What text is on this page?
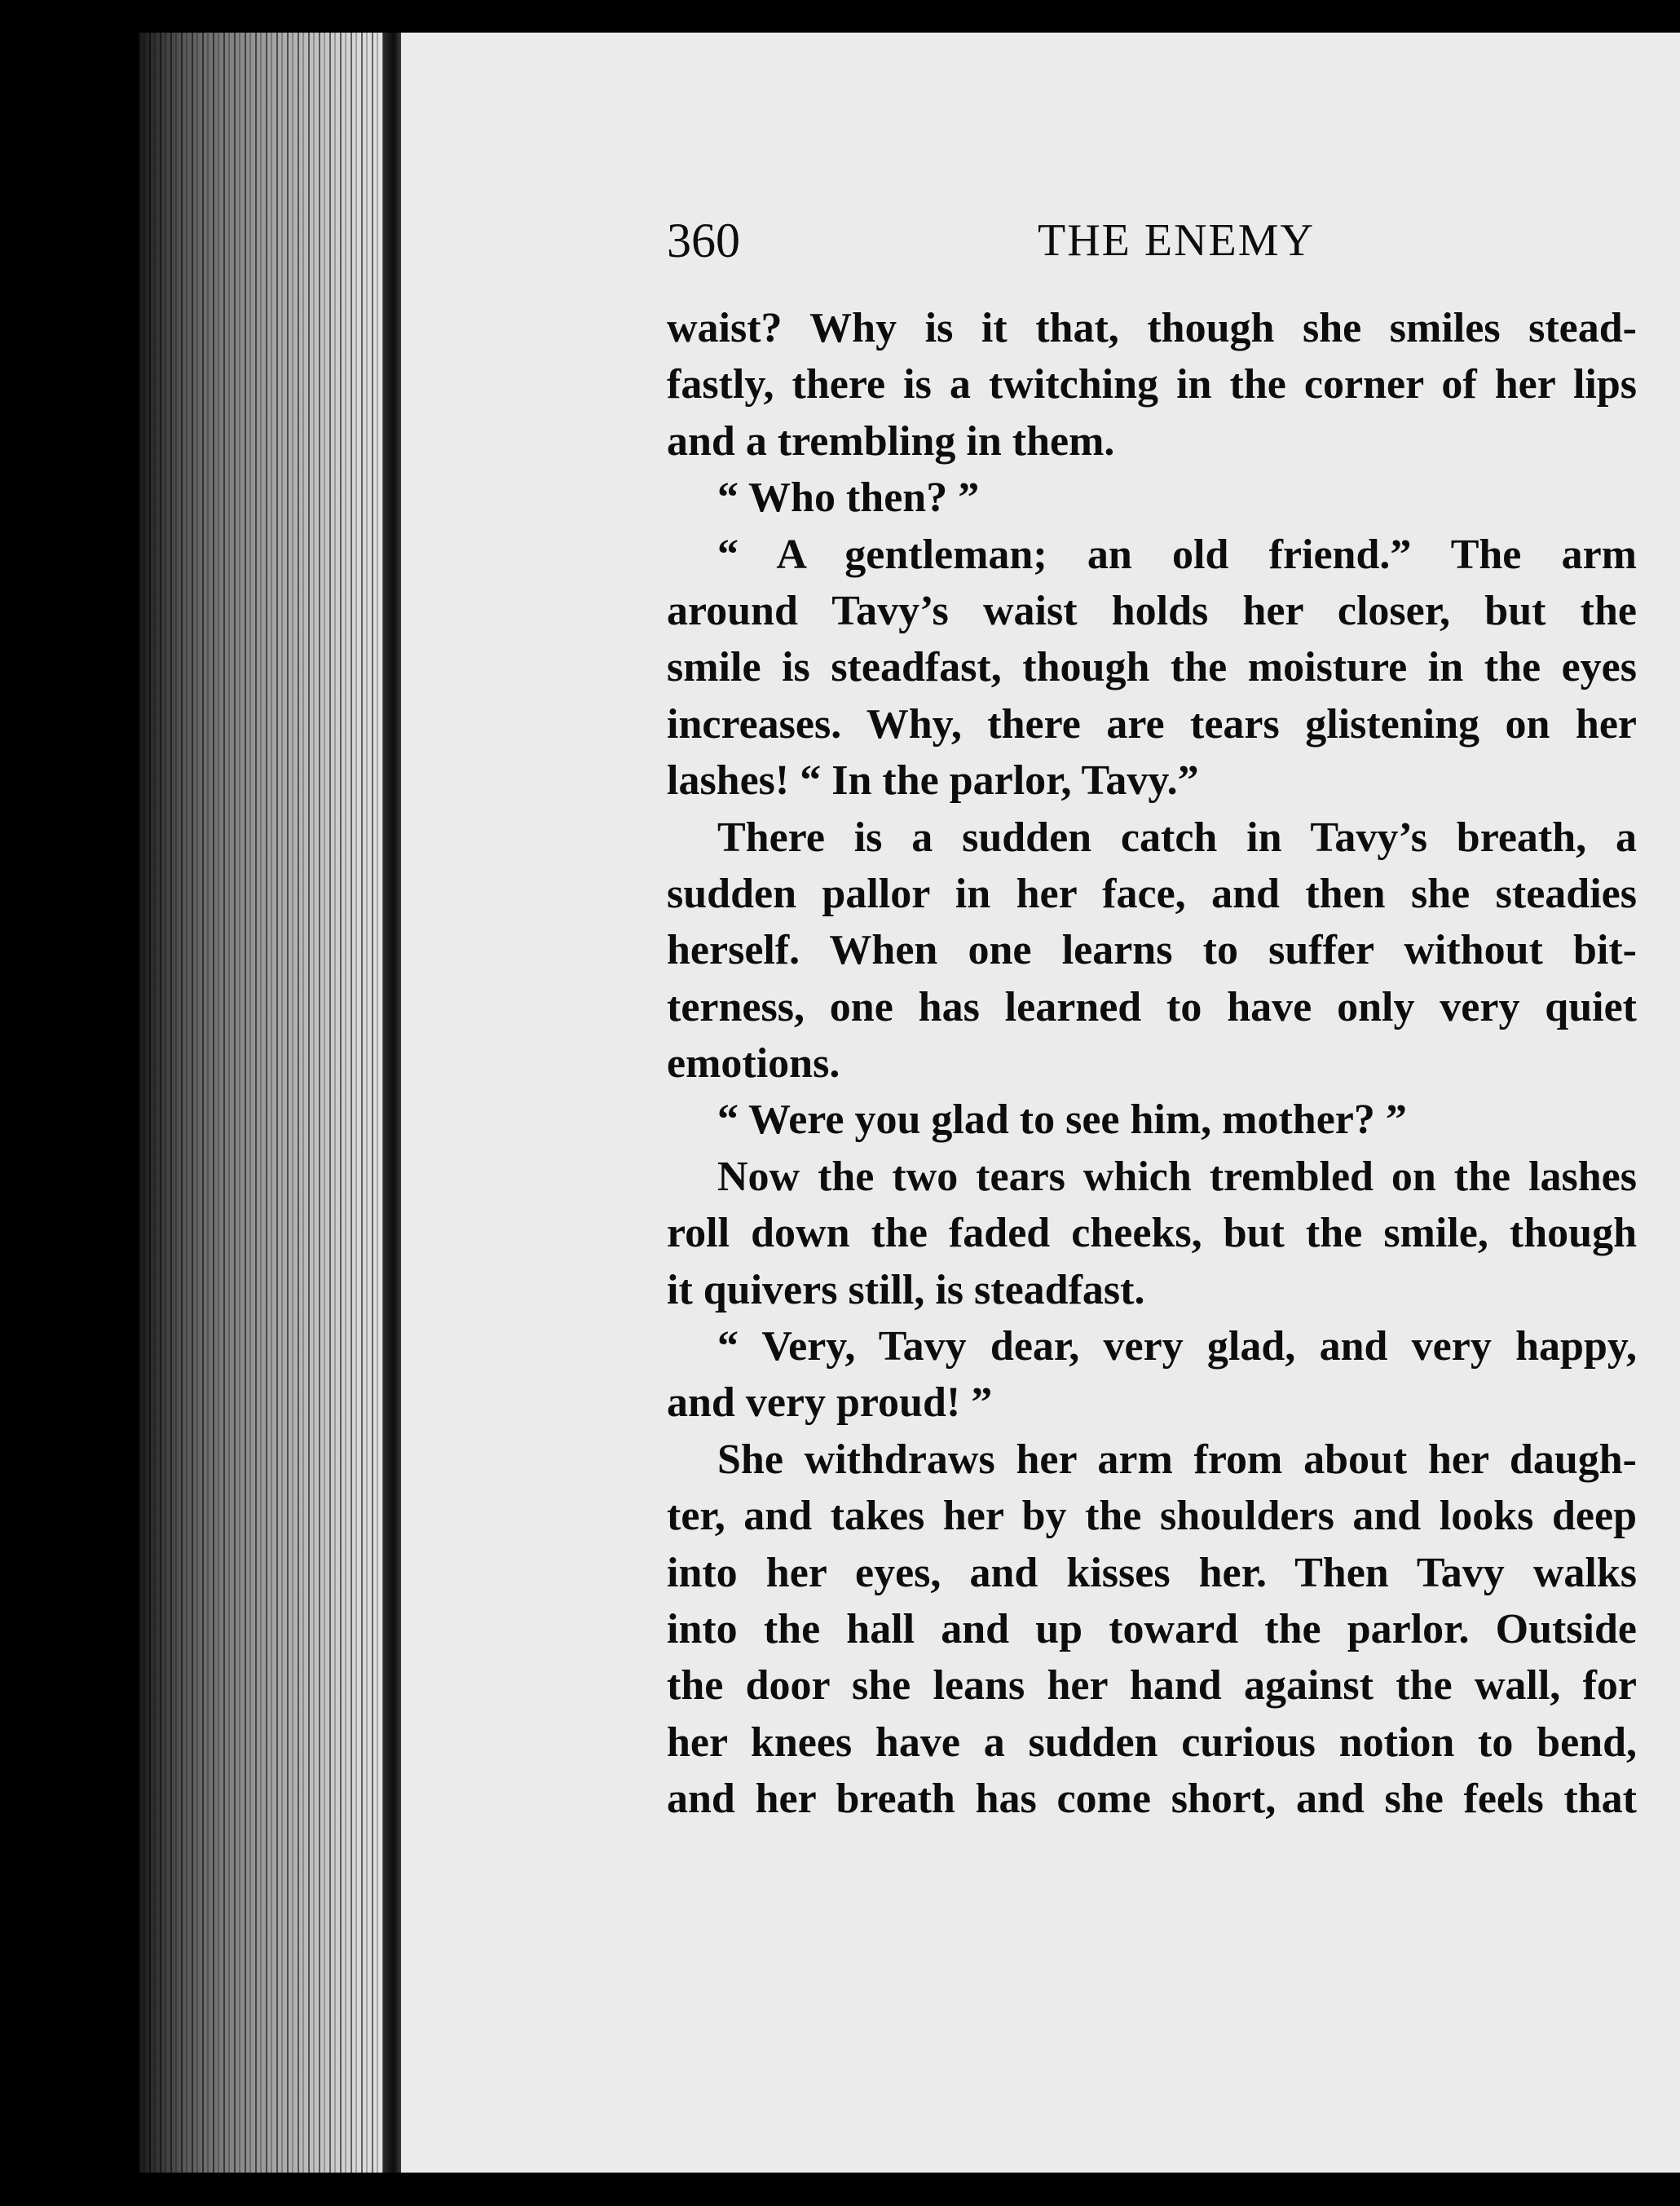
360	THE ENEMY
waist? Why is it that, though she smiles stead-
fastly, there is a twitching in the corner of her lips
and a trembling in them.
“ Who then? ”
“ A gentleman; an old friend.” The arm
around Tavy’s waist holds her closer, but the
smile is steadfast, though the moisture in the eyes
increases. Why, there are tears glistening on her
lashes! “ In the parlor, Tavy.”
There is a sudden catch in Tavy’s breath, a
sudden pallor in her face, and then she steadies
herself. When one learns to suffer without bit-
terness, one has learned to have only very quiet
emotions.
“ Were you glad to see him, mother? ”
Now the two tears which trembled on the lashes
roll down the faded cheeks, but the smile, though
it quivers still, is steadfast.
“ Very, Tavy dear, very glad, and very happy,
and very proud! ”
She withdraws her arm from about her daugh-
ter, and takes her by the shoulders and looks deep
into her eyes, and kisses her. Then Tavy walks
into the hall and up toward the parlor. Outside
the door she leans her hand against the wall, for
her knees have a sudden curious notion to bend,
and her breath has come short, and she feels that
